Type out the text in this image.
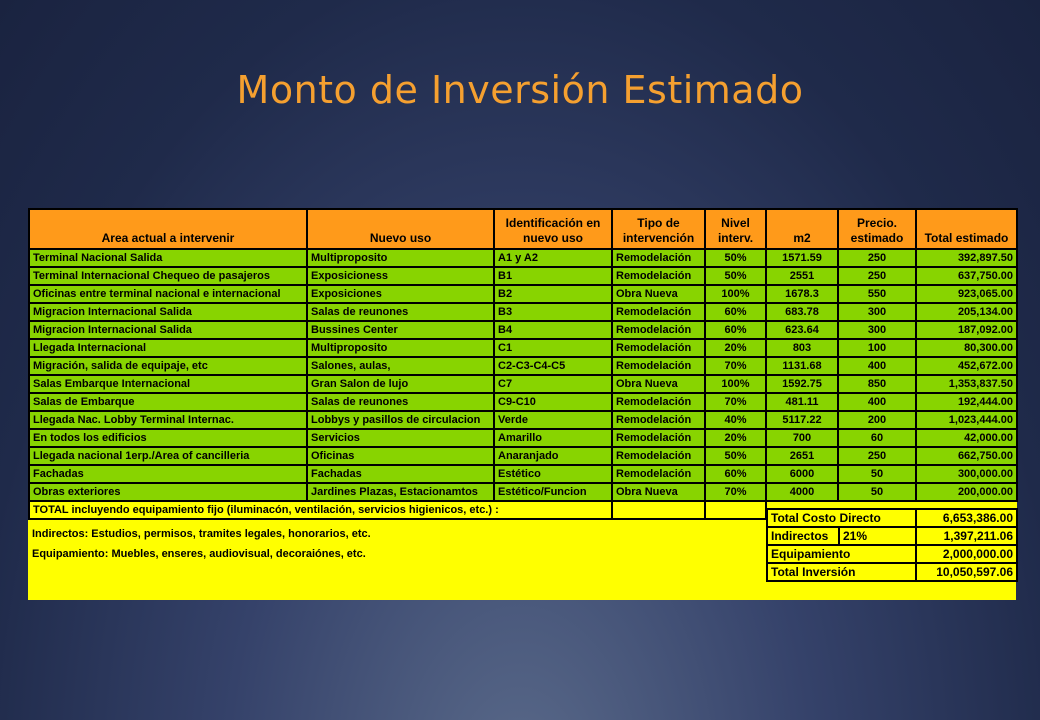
Monto de Inversión Estimado
Area actual a intervenir	Nuevo uso	Identificación en nuevo uso	Tipo de intervención	Nivel interv.	m2	Precio. estimado	Total estimado
Terminal Nacional Salida	Multiproposito	A1 y A2	Remodelación	50%	1571.59	250	392,897.50
Terminal Internacional Chequeo de pasajeros	Exposicioness	B1	Remodelación	50%	2551	250	637,750.00
Oficinas entre terminal nacional e internacional	Exposiciones	B2	Obra Nueva	100%	1678.3	550	923,065.00
Migracion Internacional Salida	Salas de reunones	B3	Remodelación	60%	683.78	300	205,134.00
Migracion Internacional Salida	Bussines Center	B4	Remodelación	60%	623.64	300	187,092.00
Llegada Internacional	Multiproposito	C1	Remodelación	20%	803	100	80,300.00
Migración, salida de equipaje, etc	Salones, aulas,	C2-C3-C4-C5	Remodelación	70%	1131.68	400	452,672.00
Salas Embarque Internacional	Gran Salon de lujo	C7	Obra Nueva	100%	1592.75	850	1,353,837.50
Salas de Embarque	Salas de reunones	C9-C10	Remodelación	70%	481.11	400	192,444.00
Llegada Nac. Lobby Terminal Internac.	Lobbys y pasillos de circulacion	Verde	Remodelación	40%	5117.22	200	1,023,444.00
En todos los edificios	Servicios	Amarillo	Remodelación	20%	700	60	42,000.00
Llegada nacional 1erp./Area of cancilleria	Oficinas	Anaranjado	Remodelación	50%	2651	250	662,750.00
Fachadas	Fachadas	Estético	Remodelación	60%	6000	50	300,000.00
Obras exteriores	Jardines Plazas, Estacionamtos	Estético/Funcion	Obra Nueva	70%	4000	50	200,000.00
TOTAL incluyendo equipamiento fijo (iluminacón, ventilación, servicios higienicos, etc.) :							
Indirectos: Estudios, permisos, tramites legales, honorarios, etc.
Equipamiento: Muebles, enseres, audiovisual, decoraiónes, etc.
Total Costo Directo		6,653,386.00
Indirectos	21%	1,397,211.06
Equipamiento		2,000,000.00
Total Inversión		10,050,597.06
